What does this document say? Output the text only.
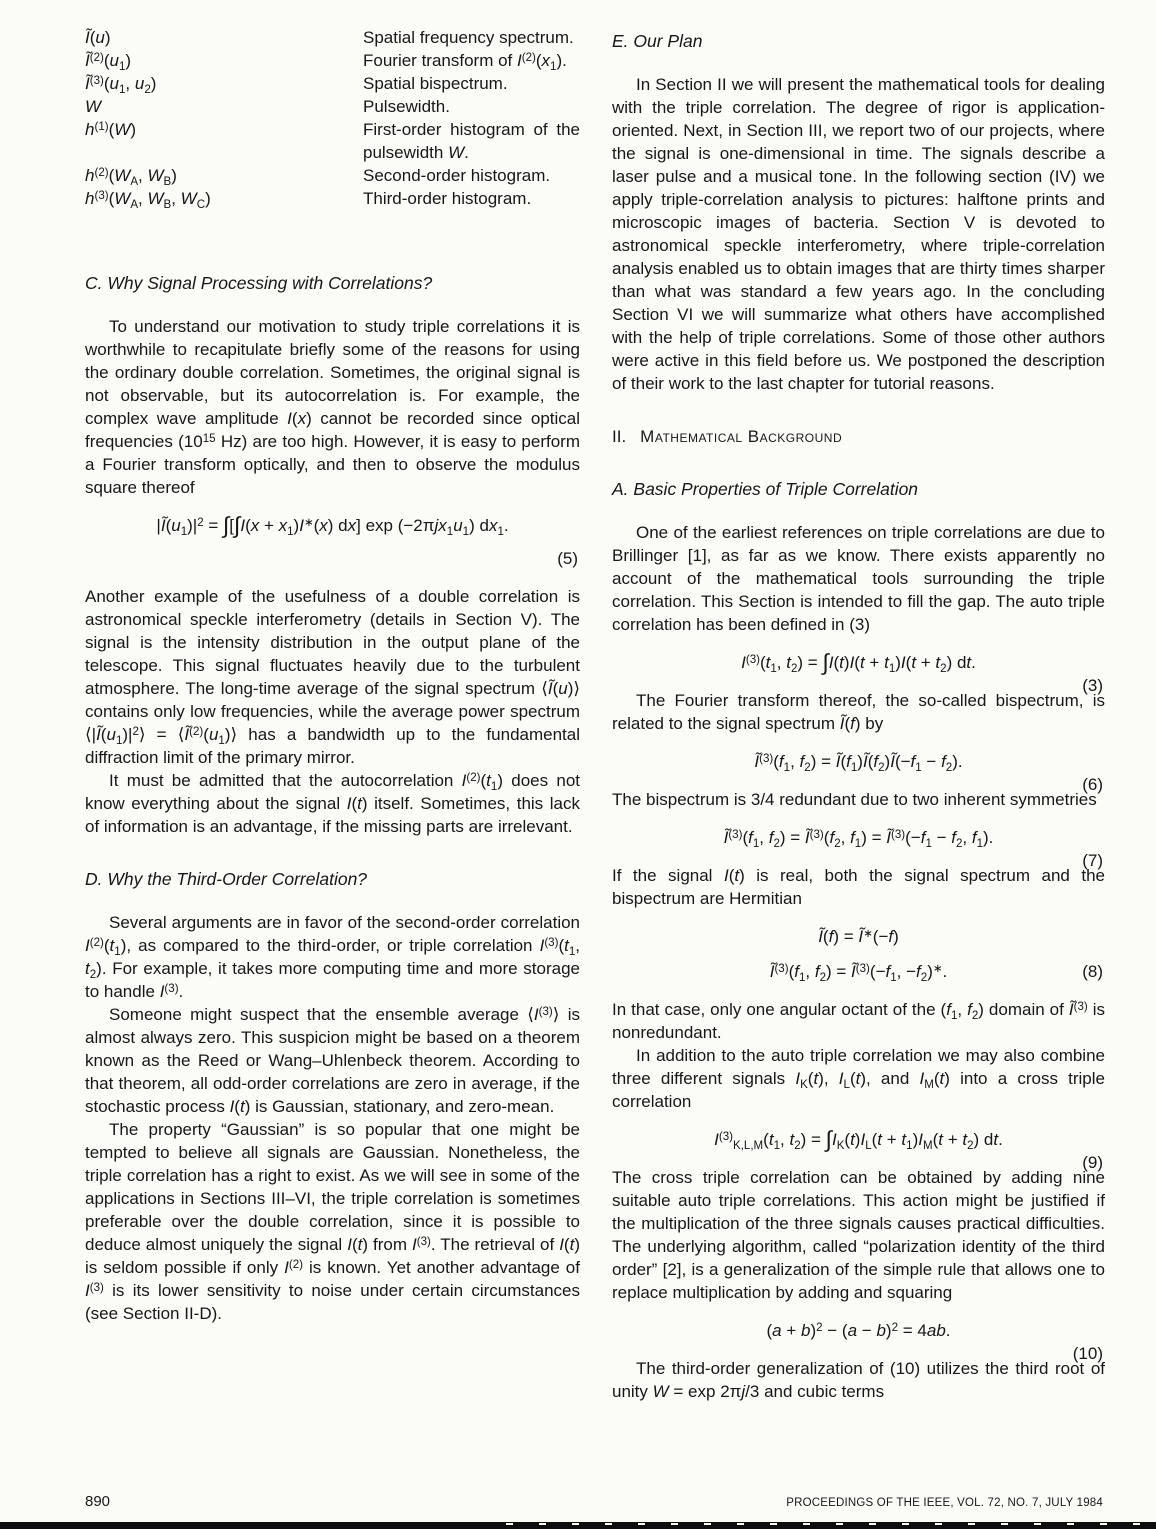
Ĩ(u)	Spatial frequency spectrum.
$Ĩ^{(2)}(u_1)$	Fourier transform of $I^{(2)}(x_1)$.
$Ĩ^{(3)}(u_1$, $u_2$)	Spatial bispectrum.
W	Pulsewidth.
$h^{(1)}(W)$	First-order histogram of the pulsewidth W.
$h^{(2)}(W_A$, $W_B$)	Second-order histogram.
$h^{(3)}(W_A$, $W_B$, $W_C$)	Third-order histogram.
C. Why Signal Processing with Correlations?

To understand our motivation to study triple correlations it is worthwhile to recapitulate briefly some of the reasons for using the ordinary double correlation. Sometimes, the original signal is not observable, but its autocorrelation is. For example, the complex wave amplitude I(x) cannot be recorded since optical frequencies ($10^{15}$ Hz) are too high. However, it is easy to perform a Fourier transform optically, and then to observe the modulus square thereof

$|Ĩ(u_1)|^2 = \int[\int I(x + x_1)I^∗(x)$ dx] $\exp (-2\pi jx_1u_1)$ $dx_1$.
(5)

Another example of the usefulness of a double correlation is astronomical speckle interferometry (details in Section V). The signal is the intensity distribution in the output plane of the telescope. This signal fluctuates heavily due to the turbulent atmosphere. The long-time average of the signal spectrum ⟨Ĩ(u)⟩ contains only low frequencies, while the average power spectrum $⟨|Ĩ(u_1)|^2⟩$ = $⟨Ĩ^{(2)}(u_1)⟩$ has a bandwidth up to the fundamental diffraction limit of the primary mirror.

It must be admitted that the autocorrelation $I^{(2)}(t_1)$ does not know everything about the signal I(t) itself. Sometimes, this lack of information is an advantage, if the missing parts are irrelevant.

D. Why the Third-Order Correlation?

Several arguments are in favor of the second-order correlation $I^{(2)}(t_1)$, as compared to the third-order, or triple correlation $I^{(3)}(t_1$, $t_2$). For example, it takes more computing time and more storage to handle $I^{(3)}$.

Someone might suspect that the ensemble average $⟨I^{(3)}⟩$ is almost always zero. This suspicion might be based on a theorem known as the Reed or Wang–Uhlenbeck theorem. According to that theorem, all odd-order correlations are zero in average, if the stochastic process I(t) is Gaussian, stationary, and zero-mean.

The property “Gaussian” is so popular that one might be tempted to believe all signals are Gaussian. Nonetheless, the triple correlation has a right to exist. As we will see in some of the applications in Sections III–VI, the triple correlation is sometimes preferable over the double correlation, since it is possible to deduce almost uniquely the signal I(t) from $I^{(3)}$. The retrieval of I(t) is seldom possible if only $I^{(2)}$ is known. Yet another advantage of $I^{(3)}$ is its lower sensitivity to noise under certain circumstances (see Section II-D).

E. Our Plan

In Section II we will present the mathematical tools for dealing with the triple correlation. The degree of rigor is application-oriented. Next, in Section III, we report two of our projects, where the signal is one-dimensional in time. The signals describe a laser pulse and a musical tone. In the following section (IV) we apply triple-correlation analysis to pictures: halftone prints and microscopic images of bacteria. Section V is devoted to astronomical speckle interferometry, where triple-correlation analysis enabled us to obtain images that are thirty times sharper than what was standard a few years ago. In the concluding Section VI we will summarize what others have accomplished with the help of triple correlations. Some of those other authors were active in this field before us. We postponed the description of their work to the last chapter for tutorial reasons.

II. Mathematical Background
A. Basic Properties of Triple Correlation

One of the earliest references on triple correlations are due to Brillinger [1], as far as we know. There exists apparently no account of the mathematical tools surrounding the triple correlation. This Section is intended to fill the gap. The auto triple correlation has been defined in (3)

$I^{(3)}(t_1$, $t_2) = \int I(t)I(t + t_1)I(t + t_2)$ dt.
(3)

The Fourier transform thereof, the so-called bispectrum, is related to the signal spectrum Ĩ(f) by

$Ĩ^{(3)}(f_1$, $f_2$) = $Ĩ(f_1)Ĩ(f_2)Ĩ(-f_1 - f_2)$.
(6)

The bispectrum is 3/4 redundant due to two inherent symmetries

$Ĩ^{(3)}(f_1$, $f_2$) = $Ĩ^{(3)}(f_2$, $f_1$) = $Ĩ^{(3)}(-f_1 - f_2$, $f_1$).
(7)

If the signal I(t) is real, both the signal spectrum and the bispectrum are Hermitian

Ĩ(f) = Ĩ∗(−f)
$Ĩ^{(3)}(f_1$, $f_2$) = $Ĩ^{(3)}(-f_1$, $-f_2)^∗$.	(8)

In that case, only one angular octant of the ($f_1$, $f_2$) domain of $Ĩ^{(3)}$ is nonredundant.

In addition to the auto triple correlation we may also combine three different signals $I_K(t)$, $I_L(t)$, and $I_M(t)$ into a cross triple correlation

$I^{(3)}_{K,L,M}(t_1$, $t_2) = \int I_K(t)I_L(t + t_1)I_M(t + t_2)$ dt.
(9)

The cross triple correlation can be obtained by adding nine suitable auto triple correlations. This action might be justified if the multiplication of the three signals causes practical difficulties. The underlying algorithm, called “polarization identity of the third order” [2], is a generalization of the simple rule that allows one to replace multiplication by adding and squaring

$(a + b)^2 - (a - b)^2 = 4ab$.
(10)

The third-order generalization of (10) utilizes the third root of unity W = exp 2πj/3 and cubic terms

890	PROCEEDINGS OF THE IEEE, VOL. 72, NO. 7, JULY 1984
